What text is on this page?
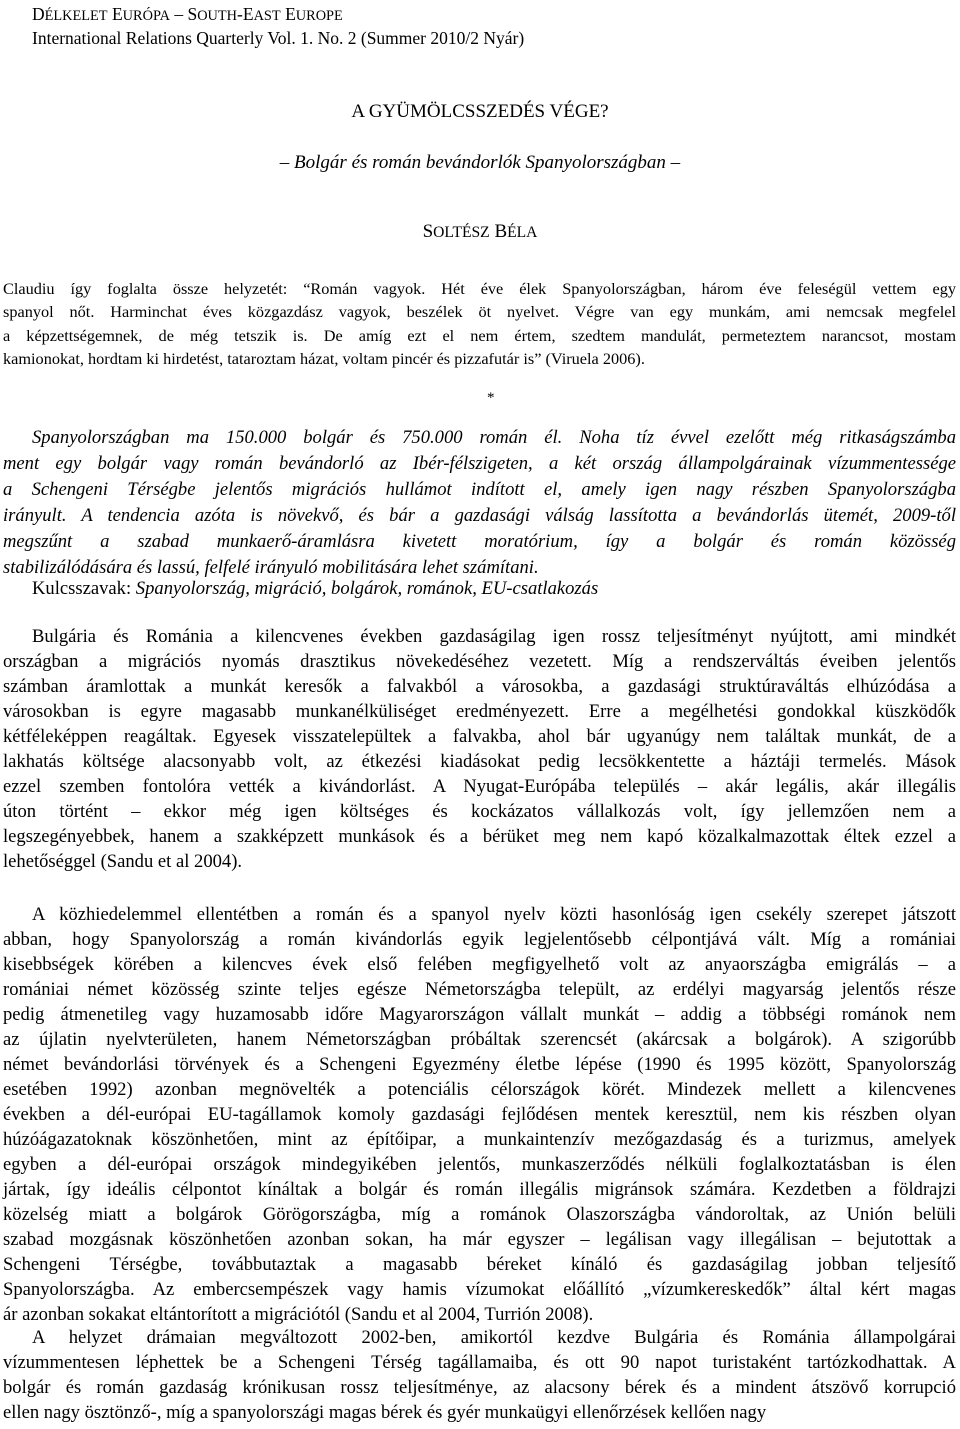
DÉLKELET EURÓPA – SOUTH-EAST EUROPE
International Relations Quarterly Vol. 1. No. 2 (Summer 2010/2 Nyár)
A GYÜMÖLCSSZEDÉS VÉGE?
– Bolgár és román bevándorlók Spanyolországban –
SOLTÉSZ BÉLA
Claudiu így foglalta össze helyzetét: “Román vagyok. Hét éve élek Spanyolországban, három éve feleségül vettem egy
spanyol nőt. Harminchat éves közgazdász vagyok, beszélek öt nyelvet. Végre van egy munkám, ami nemcsak megfelel
a képzettségemnek, de még tetszik is. De amíg ezt el nem értem, szedtem mandulát, permeteztem narancsot, mostam
kamionokat, hordtam ki hirdetést, tataroztam házat, voltam pincér és pizzafutár is” (Viruela 2006).
*
Spanyolországban ma 150.000 bolgár és 750.000 román él. Noha tíz évvel ezelőtt még ritkaságszámba
ment egy bolgár vagy román bevándorló az Ibér-félszigeten, a két ország állampolgárainak vízummentessége
a Schengeni Térségbe jelentős migrációs hullámot indított el, amely igen nagy részben Spanyolországba
irányult. A tendencia azóta is növekvő, és bár a gazdasági válság lassította a bevándorlás ütemét, 2009-től
megszűnt a szabad munkaerő-áramlásra kivetett moratórium, így a bolgár és román közösség
stabilizálódására és lassú, felfelé irányuló mobilitására lehet számítani.
Kulcsszavak: Spanyolország, migráció, bolgárok, románok, EU-csatlakozás
Bulgária és Románia a kilencvenes években gazdaságilag igen rossz teljesítményt nyújtott, ami mindkét
országban a migrációs nyomás drasztikus növekedéséhez vezetett. Míg a rendszerváltás éveiben jelentős
számban áramlottak a munkát keresők a falvakból a városokba, a gazdasági struktúraváltás elhúzódása a
városokban is egyre magasabb munkanélküliséget eredményezett. Erre a megélhetési gondokkal küszködők
kétféleképpen reagáltak. Egyesek visszatelepültek a falvakba, ahol bár ugyanúgy nem találtak munkát, de a
lakhatás költsége alacsonyabb volt, az étkezési kiadásokat pedig lecsökkentette a háztáji termelés. Mások
ezzel szemben fontolóra vették a kivándorlást. A Nyugat-Európába település – akár legális, akár illegális
úton történt – ekkor még igen költséges és kockázatos vállalkozás volt, így jellemzően nem a
legszegényebbek, hanem a szakképzett munkások és a bérüket meg nem kapó közalkalmazottak éltek ezzel a
lehetőséggel (Sandu et al 2004).
A közhiedelemmel ellentétben a román és a spanyol nyelv közti hasonlóság igen csekély szerepet játszott
abban, hogy Spanyolország a román kivándorlás egyik legjelentősebb célpontjává vált. Míg a romániai
kisebbségek körében a kilencves évek első felében megfigyelhető volt az anyaországba emigrálás – a
romániai német közösség szinte teljes egésze Németországba települt, az erdélyi magyarság jelentős része
pedig átmenetileg vagy huzamosabb időre Magyarországon vállalt munkát – addig a többségi románok nem
az újlatin nyelvterületen, hanem Németországban próbáltak szerencsét (akárcsak a bolgárok). A szigorúbb
német bevándorlási törvények és a Schengeni Egyezmény életbe lépése (1990 és 1995 között, Spanyolország
esetében 1992) azonban megnövelték a potenciális célországok körét. Mindezek mellett a kilencvenes
években a dél-európai EU-tagállamok komoly gazdasági fejlődésen mentek keresztül, nem kis részben olyan
húzóágazatoknak köszönhetően, mint az építőipar, a munkaintenzív mezőgazdaság és a turizmus, amelyek
egyben a dél-európai országok mindegyikében jelentős, munkaszerződés nélküli foglalkoztatásban is élen
jártak, így ideális célpontot kínáltak a bolgár és román illegális migránsok számára. Kezdetben a földrajzi
közelség miatt a bolgárok Görögországba, míg a románok Olaszországba vándoroltak, az Unión belüli
szabad mozgásnak köszönhetően azonban sokan, ha már egyszer – legálisan vagy illegálisan – bejutottak a
Schengeni Térségbe, továbbutaztak a magasabb béreket kínáló és gazdaságilag jobban teljesítő
Spanyolországba. Az embercsempészek vagy hamis vízumokat előállító „vízumkereskedők” által kért magas
ár azonban sokakat eltántorított a migrációtól (Sandu et al 2004, Turrión 2008).
A helyzet drámaian megváltozott 2002-ben, amikortól kezdve Bulgária és Románia állampolgárai
vízummentesen léphettek be a Schengeni Térség tagállamaiba, és ott 90 napot turistaként tartózkodhattak. A
bolgár és román gazdaság krónikusan rossz teljesítménye, az alacsony bérek és a mindent átszövő korrupció
ellen nagy ösztönző-, míg a spanyolországi magas bérek és gyér munkaügyi ellenőrzések kellően nagy
